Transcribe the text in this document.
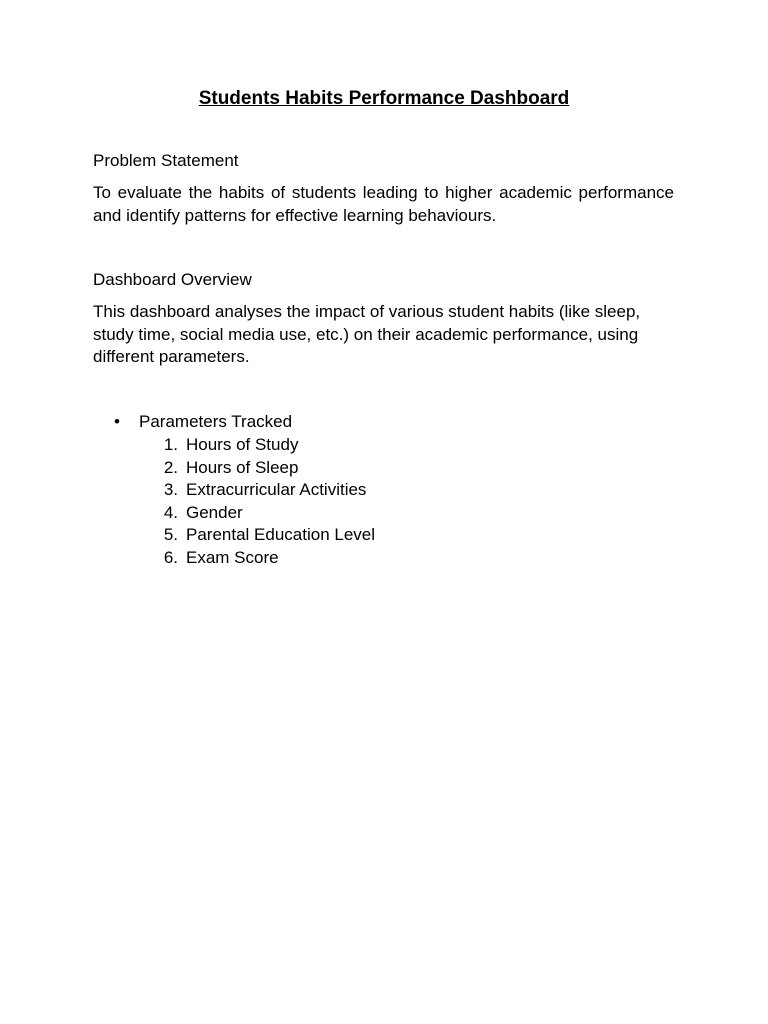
Students Habits Performance Dashboard
Problem Statement
To evaluate the habits of students leading to higher academic performance and identify patterns for effective learning behaviours.
Dashboard Overview
This dashboard analyses the impact of various student habits (like sleep, study time, social media use, etc.) on their academic performance, using different parameters.
•	Parameters Tracked
1. Hours of Study
2. Hours of Sleep
3. Extracurricular Activities
4. Gender
5. Parental Education Level
6. Exam Score
